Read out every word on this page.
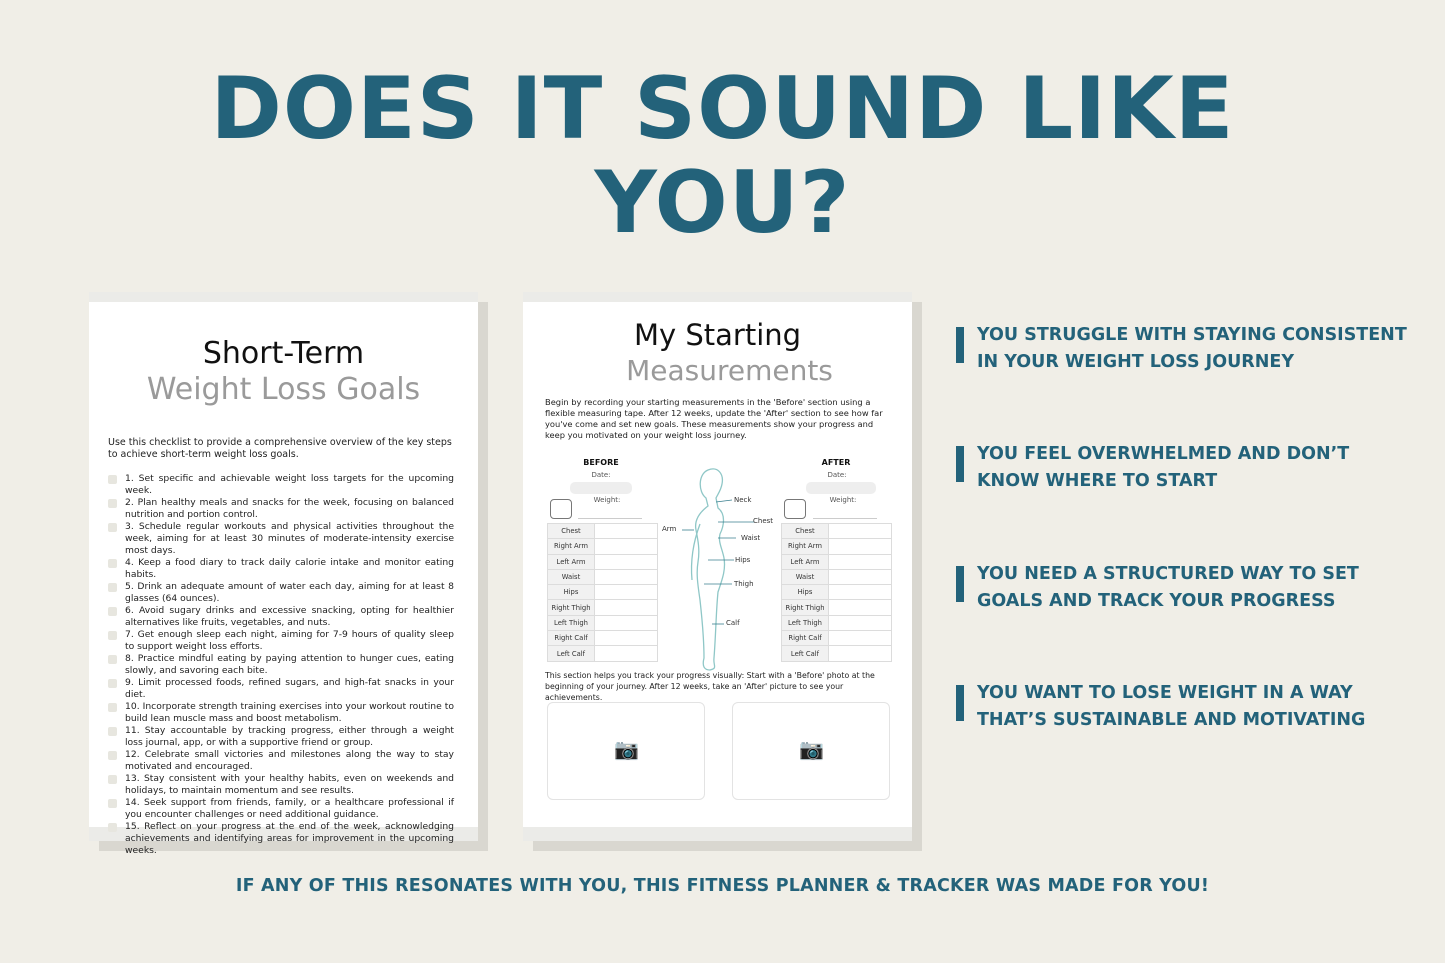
DOES IT SOUND LIKE
YOU?
Short-Term
Weight Loss Goals
Use this checklist to provide a comprehensive overview of the key steps to achieve short-term weight loss goals.
1. Set specific and achievable weight loss targets for the upcoming week.
2. Plan healthy meals and snacks for the week, focusing on balanced nutrition and portion control.
3. Schedule regular workouts and physical activities throughout the week, aiming for at least 30 minutes of moderate-intensity exercise most days.
4. Keep a food diary to track daily calorie intake and monitor eating habits.
5. Drink an adequate amount of water each day, aiming for at least 8 glasses (64 ounces).
6. Avoid sugary drinks and excessive snacking, opting for healthier alternatives like fruits, vegetables, and nuts.
7. Get enough sleep each night, aiming for 7-9 hours of quality sleep to support weight loss efforts.
8. Practice mindful eating by paying attention to hunger cues, eating slowly, and savoring each bite.
9. Limit processed foods, refined sugars, and high-fat snacks in your diet.
10. Incorporate strength training exercises into your workout routine to build lean muscle mass and boost metabolism.
11. Stay accountable by tracking progress, either through a weight loss journal, app, or with a supportive friend or group.
12. Celebrate small victories and milestones along the way to stay motivated and encouraged.
13. Stay consistent with your healthy habits, even on weekends and holidays, to maintain momentum and see results.
14. Seek support from friends, family, or a healthcare professional if you encounter challenges or need additional guidance.
15. Reflect on your progress at the end of the week, acknowledging achievements and identifying areas for improvement in the upcoming weeks.
My Starting
Measurements
Begin by recording your starting measurements in the 'Before' section using a flexible measuring tape. After 12 weeks, update the 'After' section to see how far you've come and set new goals. These measurements show your progress and keep you motivated on your weight loss journey.
BEFORE
Date:
Weight:
Chest	
Right Arm	
Left Arm	
Waist	
Hips	
Right Thigh	
Left Thigh	
Right Calf	
Left Calf	
Neck
Chest
Arm
Waist
Hips
Thigh
Calf
AFTER
Date:
Weight:
Chest	
Right Arm	
Left Arm	
Waist	
Hips	
Right Thigh	
Left Thigh	
Right Calf	
Left Calf	
This section helps you track your progress visually: Start with a 'Before' photo at the beginning of your journey. After 12 weeks, take an 'After' picture to see your achievements.
📷	📷
YOU STRUGGLE WITH STAYING CONSISTENT
IN YOUR WEIGHT LOSS JOURNEY
YOU FEEL OVERWHELMED AND DON’T
KNOW WHERE TO START
YOU NEED A STRUCTURED WAY TO SET
GOALS AND TRACK YOUR PROGRESS
YOU WANT TO LOSE WEIGHT IN A WAY
THAT’S SUSTAINABLE AND MOTIVATING
IF ANY OF THIS RESONATES WITH YOU, THIS FITNESS PLANNER & TRACKER WAS MADE FOR YOU!
